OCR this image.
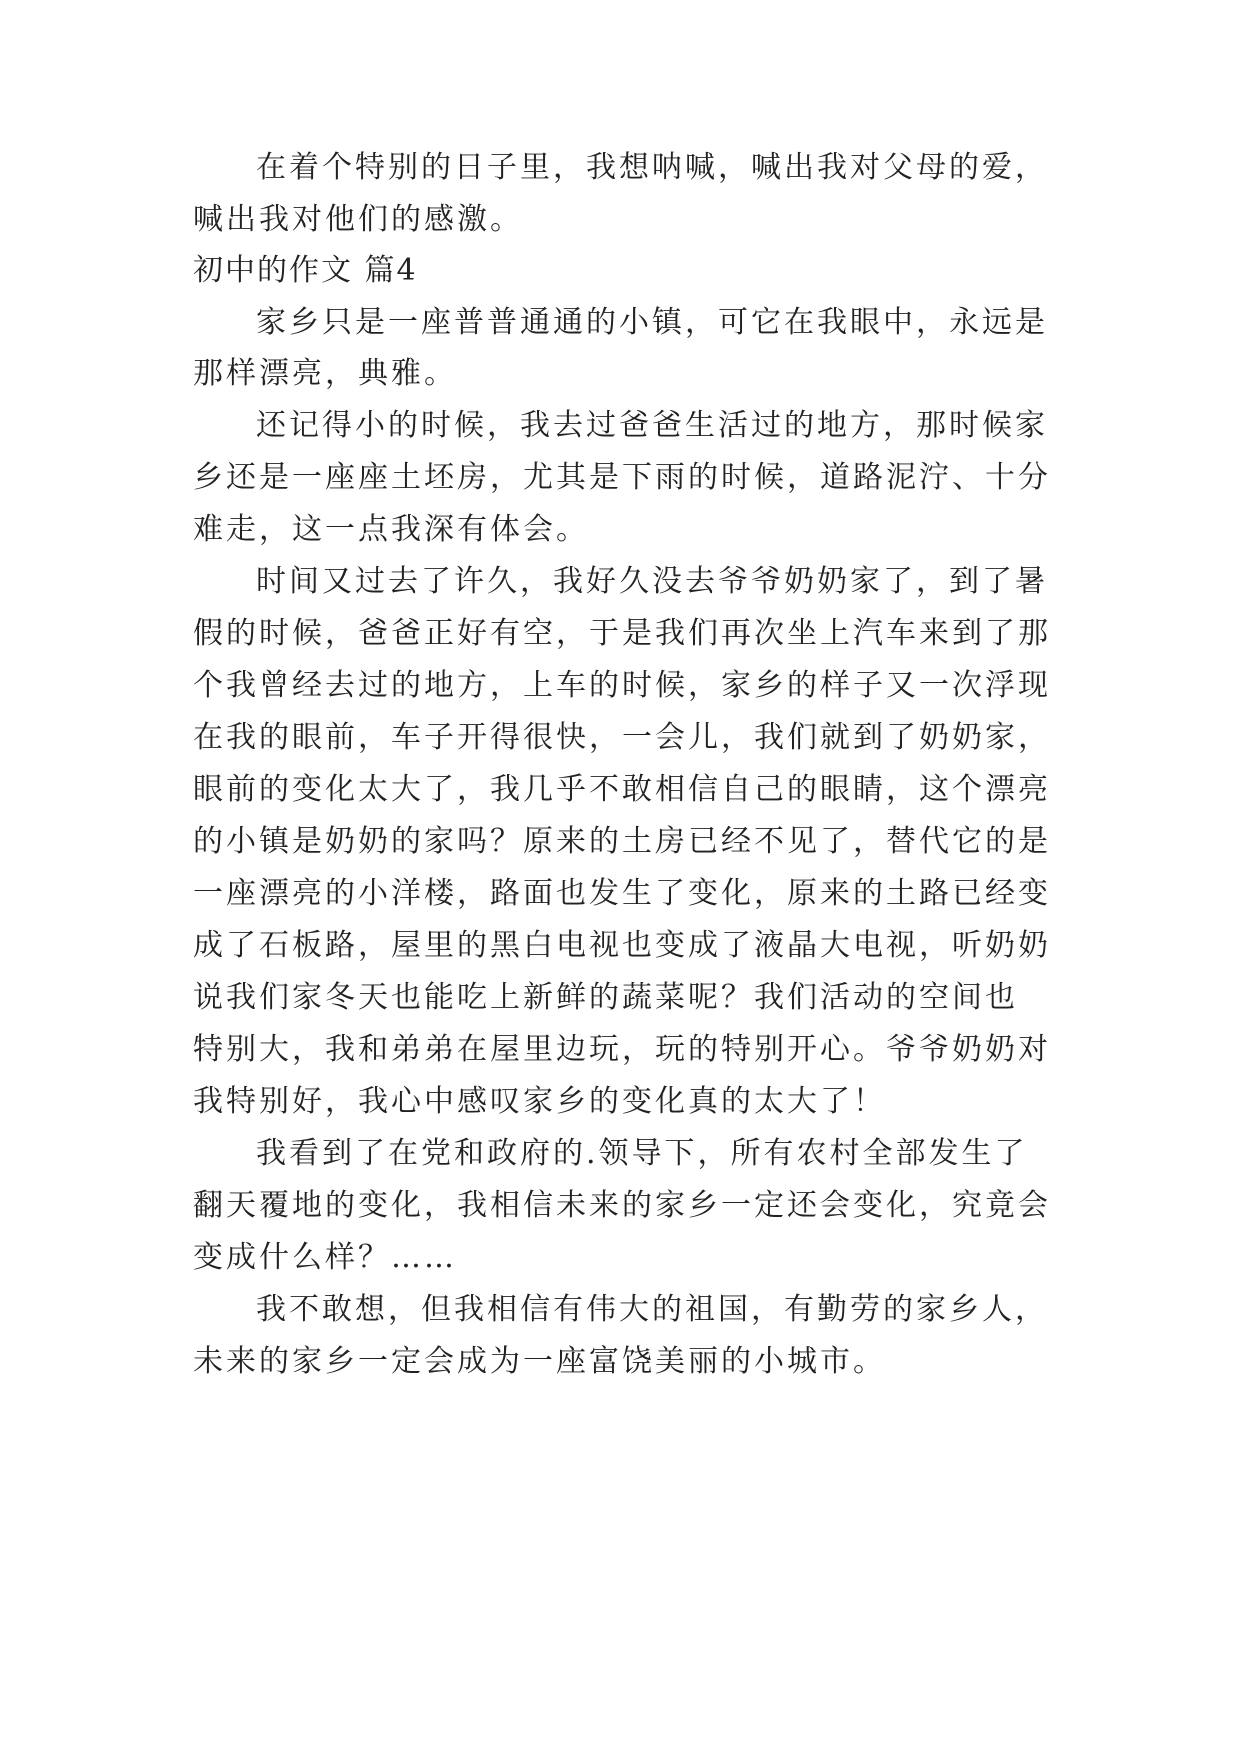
在着个特别的日子里，我想呐喊，喊出我对父母的爱，
喊出我对他们的感激。
初中的作文 篇4
家乡只是一座普普通通的小镇，可它在我眼中，永远是
那样漂亮，典雅。
还记得小的时候，我去过爸爸生活过的地方，那时候家
乡还是一座座土坯房，尤其是下雨的时候，道路泥泞、十分
难走，这一点我深有体会。
时间又过去了许久，我好久没去爷爷奶奶家了，到了暑
假的时候，爸爸正好有空，于是我们再次坐上汽车来到了那
个我曾经去过的地方，上车的时候，家乡的样子又一次浮现
在我的眼前，车子开得很快，一会儿，我们就到了奶奶家，
眼前的变化太大了，我几乎不敢相信自己的眼睛，这个漂亮
的小镇是奶奶的家吗？原来的土房已经不见了，替代它的是
一座漂亮的小洋楼，路面也发生了变化，原来的土路已经变
成了石板路，屋里的黑白电视也变成了液晶大电视，听奶奶
说我们家冬天也能吃上新鲜的蔬菜呢？我们活动的空间也
特别大，我和弟弟在屋里边玩，玩的特别开心。爷爷奶奶对
我特别好，我心中感叹家乡的变化真的太大了！
我看到了在党和政府的.领导下，所有农村全部发生了
翻天覆地的变化，我相信未来的家乡一定还会变化，究竟会
变成什么样？……
我不敢想，但我相信有伟大的祖国，有勤劳的家乡人，
未来的家乡一定会成为一座富饶美丽的小城市。
